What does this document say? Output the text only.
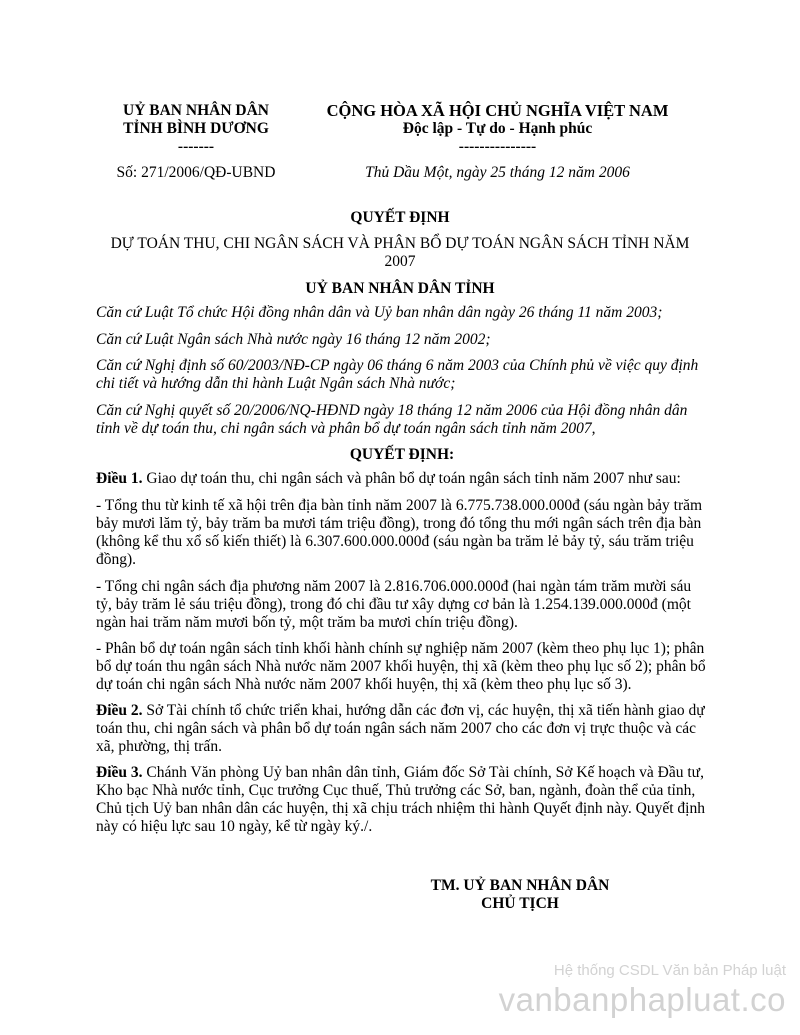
UỶ BAN NHÂN DÂN
TỈNH BÌNH DƯƠNG
-------
CỘNG HÒA XÃ HỘI CHỦ NGHĨA VIỆT NAM
Độc lập - Tự do - Hạnh phúc
---------------
Số: 271/2006/QĐ-UBND	Thủ Dầu Một, ngày 25 tháng 12 năm 2006
QUYẾT ĐỊNH
DỰ TOÁN THU, CHI NGÂN SÁCH VÀ PHÂN BỔ DỰ TOÁN NGÂN SÁCH TỈNH NĂM
2007
UỶ BAN NHÂN DÂN TỈNH

Căn cứ Luật Tổ chức Hội đồng nhân dân và Uỷ ban nhân dân ngày 26 tháng 11 năm 2003;

Căn cứ Luật Ngân sách Nhà nước ngày 16 tháng 12 năm 2002;

Căn cứ Nghị định số 60/2003/NĐ-CP ngày 06 tháng 6 năm 2003 của Chính phủ về việc quy định chi tiết và hướng dẫn thi hành Luật Ngân sách Nhà nước;

Căn cứ Nghị quyết số 20/2006/NQ-HĐND ngày 18 tháng 12 năm 2006 của Hội đồng nhân dân tỉnh về dự toán thu, chi ngân sách và phân bổ dự toán ngân sách tỉnh năm 2007,

QUYẾT ĐỊNH:

Điều 1. Giao dự toán thu, chi ngân sách và phân bổ dự toán ngân sách tỉnh năm 2007 như sau:

- Tổng thu từ kinh tế xã hội trên địa bàn tỉnh năm 2007 là 6.775.738.000.000đ (sáu ngàn bảy trăm bảy mươi lăm tỷ, bảy trăm ba mươi tám triệu đồng), trong đó tổng thu mới ngân sách trên địa bàn (không kể thu xổ số kiến thiết) là 6.307.600.000.000đ (sáu ngàn ba trăm lẻ bảy tỷ, sáu trăm triệu đồng).

- Tổng chi ngân sách địa phương năm 2007 là 2.816.706.000.000đ (hai ngàn tám trăm mười sáu tỷ, bảy trăm lẻ sáu triệu đồng), trong đó chi đầu tư xây dựng cơ bản là 1.254.139.000.000đ (một ngàn hai trăm năm mươi bốn tỷ, một trăm ba mươi chín triệu đồng).

- Phân bổ dự toán ngân sách tỉnh khối hành chính sự nghiệp năm 2007 (kèm theo phụ lục 1); phân bổ dự toán thu ngân sách Nhà nước năm 2007 khối huyện, thị xã (kèm theo phụ lục số 2); phân bổ dự toán chi ngân sách Nhà nước năm 2007 khối huyện, thị xã (kèm theo phụ lục số 3).

Điều 2. Sở Tài chính tổ chức triển khai, hướng dẫn các đơn vị, các huyện, thị xã tiến hành giao dự toán thu, chi ngân sách và phân bổ dự toán ngân sách năm 2007 cho các đơn vị trực thuộc và các xã, phường, thị trấn.

Điều 3. Chánh Văn phòng Uỷ ban nhân dân tỉnh, Giám đốc Sở Tài chính, Sở Kế hoạch và Đầu tư, Kho bạc Nhà nước tỉnh, Cục trưởng Cục thuế, Thủ trưởng các Sở, ban, ngành, đoàn thể của tỉnh, Chủ tịch Uỷ ban nhân dân các huyện, thị xã chịu trách nhiệm thi hành Quyết định này. Quyết định này có hiệu lực sau 10 ngày, kể từ ngày ký./.

TM. UỶ BAN NHÂN DÂN
CHỦ TỊCH
Hệ thống CSDL Văn bản Pháp luật
vanbanphapluat.co
